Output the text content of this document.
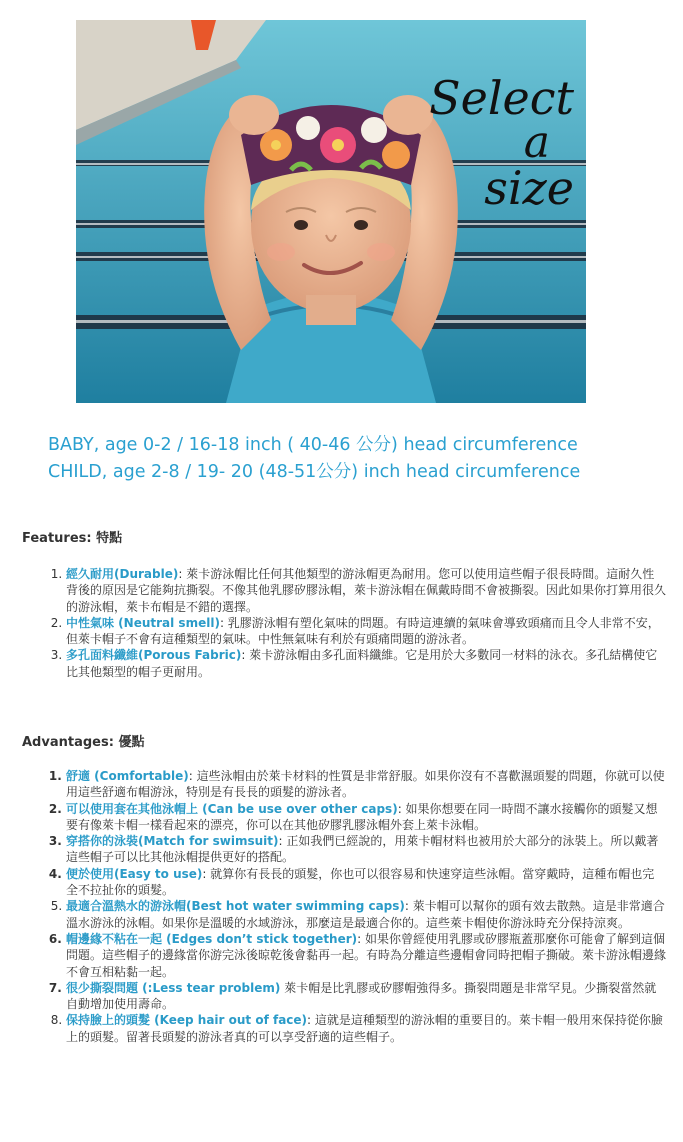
Select
a
size
BABY, age 0-2 / 16-18 inch ( 40-46 公分) head circumference
CHILD, age 2-8 / 19- 20 (48-51公分) inch head circumference
Features: 特點
1. 經久耐用(Durable): 萊卡游泳帽比任何其他類型的游泳帽更為耐用。您可以使用這些帽子很長時間。這耐久性背後的原因是它能夠抗撕裂。不像其他乳膠矽膠泳帽，萊卡游泳帽在佩戴時間不會被撕裂。因此如果你打算用很久的游泳帽，萊卡布帽是不錯的選擇。
2. 中性氣味 (Neutral smell): 乳膠游泳帽有塑化氣味的問題。有時這連續的氣味會導致頭痛而且令人非常不安，但萊卡帽子不會有這種類型的氣味。中性無氣味有利於有頭痛問題的游泳者。
3. 多孔面料纖維(Porous Fabric): 萊卡游泳帽由多孔面料纖維。它是用於大多數同一材料的泳衣。多孔結構使它比其他類型的帽子更耐用。
Advantages: 優點
1. 舒適 (Comfortable): 這些泳帽由於萊卡材料的性質是非常舒服。如果你沒有不喜歡濕頭髮的問題，你就可以使用這些舒適布帽游泳，特別是有長長的頭髮的游泳者。
2. 可以使用套在其他泳帽上 (Can be use over other caps): 如果你想要在同一時間不讓水接觸你的頭髮又想要有像萊卡帽一樣看起來的漂亮，你可以在其他矽膠乳膠泳帽外套上萊卡泳帽。
3. 穿搭你的泳裝(Match for swimsuit): 正如我們已經說的，用萊卡帽材料也被用於大部分的泳裝上。所以戴著這些帽子可以比其他泳帽提供更好的搭配。
4. 便於使用(Easy to use): 就算你有長長的頭髮，你也可以很容易和快速穿這些泳帽。當穿戴時，這種布帽也完全不拉扯你的頭髮。
5. 最適合溫熱水的游泳帽(Best hot water swimming caps): 萊卡帽可以幫你的頭有效去散熱。這是非常適合溫水游泳的泳帽。如果你是溫暖的水域游泳，那麼這是最適合你的。這些萊卡帽使你游泳時充分保持涼爽。
6. 帽邊緣不粘在一起 (Edges don’t stick together): 如果你曾經使用乳膠或矽膠瓶蓋那麼你可能會了解到這個問題。這些帽子的邊緣當你游完泳後晾乾後會黏再一起。有時為分離這些邊帽會同時把帽子撕破。萊卡游泳帽邊緣不會互相粘黏一起。
7. 很少撕裂問題 (:Less tear problem) 萊卡帽是比乳膠或矽膠帽強得多。撕裂問題是非常罕見。少撕裂當然就自動增加使用壽命。
8. 保持臉上的頭髮 (Keep hair out of face): 這就是這種類型的游泳帽的重要目的。萊卡帽一般用來保持從你臉上的頭髮。留著長頭髮的游泳者真的可以享受舒適的這些帽子。
